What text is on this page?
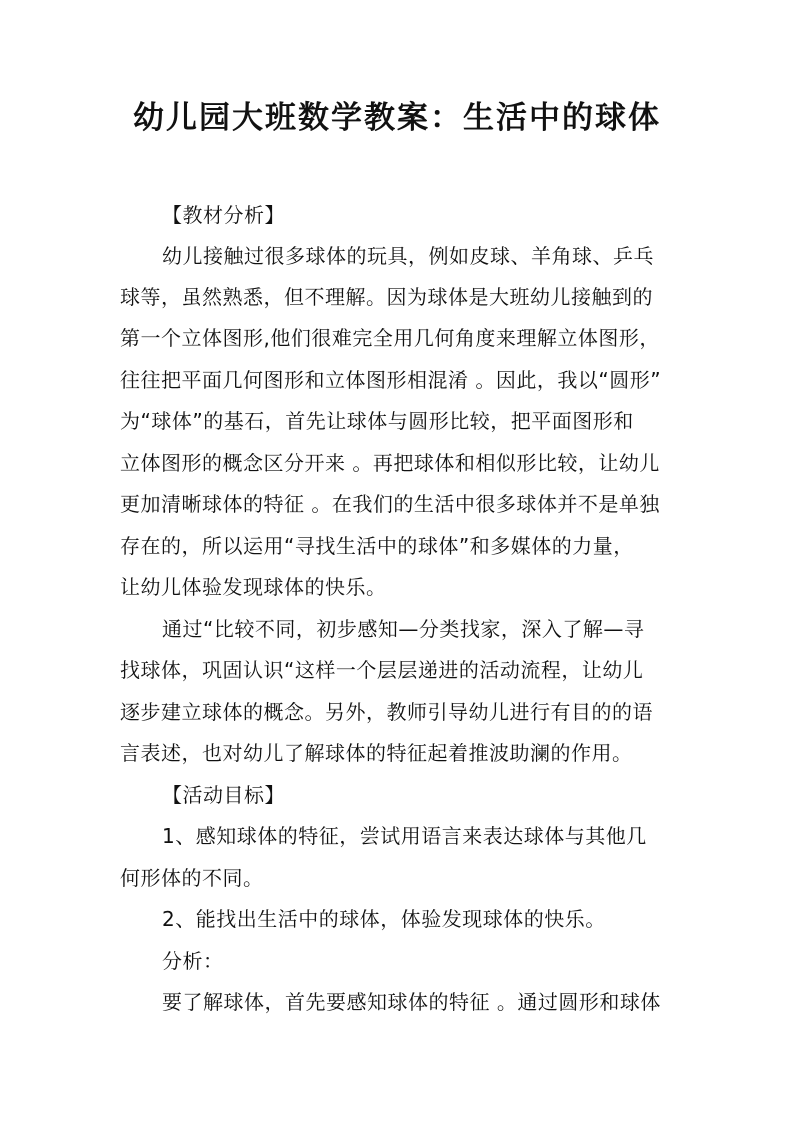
幼儿园大班数学教案：生活中的球体
【教材分析】
幼儿接触过很多球体的玩具，例如皮球、羊角球、乒乓
球等，虽然熟悉，但不理解。因为球体是大班幼儿接触到的
第一个立体图形,他们很难完全用几何角度来理解立体图形，
往往把平面几何图形和立体图形相混淆 。因此，我以“圆形”
为“球体”的基石，首先让球体与圆形比较，把平面图形和
立体图形的概念区分开来 。再把球体和相似形比较，让幼儿
更加清晰球体的特征 。在我们的生活中很多球体并不是单独
存在的，所以运用“寻找生活中的球体”和多媒体的力量，
让幼儿体验发现球体的快乐。
通过“比较不同，初步感知—分类找家，深入了解—寻
找球体，巩固认识“这样一个层层递进的活动流程，让幼儿
逐步建立球体的概念。另外，教师引导幼儿进行有目的的语
言表述，也对幼儿了解球体的特征起着推波助澜的作用。
【活动目标】
1、感知球体的特征，尝试用语言来表达球体与其他几
何形体的不同。
2、能找出生活中的球体，体验发现球体的快乐。
分析：
要了解球体，首先要感知球体的特征 。通过圆形和球体
